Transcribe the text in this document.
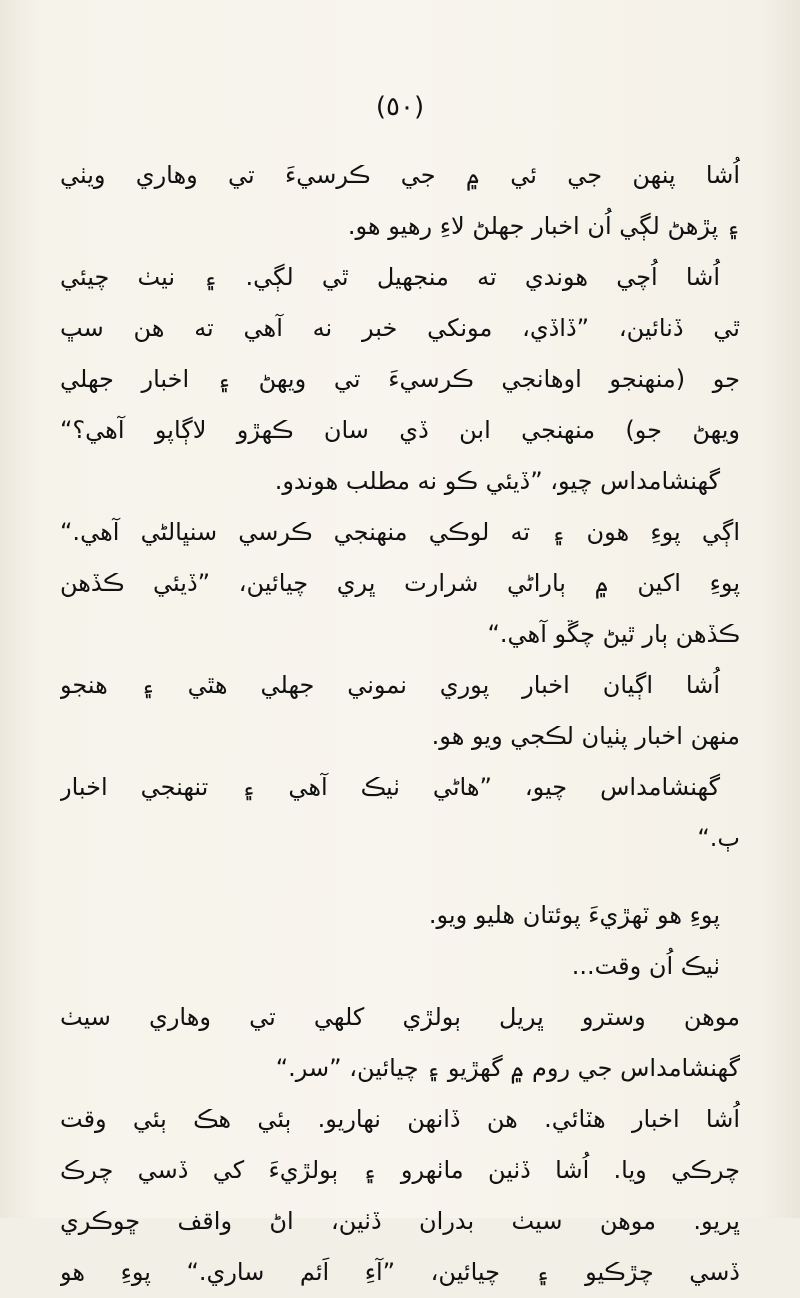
(٥٠)
اُشا پنهن جي ئي ۾ جي ڪرسيءَ تي وهاري ويٺي
۽ پڙهڻ لڳي اُن اخبار جهلڻ لاءِ رهيو هو.
اُشا اُچي هوندي ته منجهيل ٿي لڳي. ۽ نيٺ چيئي
ٿي ڏنائين، ”ڏاڏي، مونکي خبر نه آهي ته هن سڀ
جو (منهنجو اوهانجي ڪرسيءَ تي ويهڻ ۽ اخبار جهلي
ويهڻ جو) منهنجي ابن ڏي سان ڪهڙو لاڳاپو آهي؟“
گهنشامداس چيو، ”ڏيئي ڪو نه مطلب هوندو.
اڳي پوءِ هون ۽ ته لوڪي منهنجي ڪرسي سنڀالڻي آهي.“
پوءِ اکين ۾ ٻاراڻي شرارت ڀري چيائين، ”ڏيئي ڪڏهن
ڪڏهن ٻار ٿيڻ چڱو آهي.“
اُشا اڳيان اخبار پوري نموني جهلي هٿي ۽ هنجو
منهن اخبار پٺيان لڪجي ويو هو.
گهنشامداس چيو، ”هاڻي ٺيڪ آهي ۽ تنهنجي اخبار
ٻ.“
پوءِ هو ٽهڙيءَ پوئتان هليو ويو.
ٺيڪ اُن وقت...
موهن وسترو ڀريل ٻولڙي کلهي تي وهاري سيٺ
گهنشامداس جي روم ۾ گهڙيو ۽ چيائين، ”سر.“
اُشا اخبار هٽائي. هن ڏانهن نهاريو. ٻئي هڪ ٻئي وقت
چرڪي ويا. اُشا ڏٺين ماٺهرو ۽ ٻولڙيءَ کي ڏسي چرڪ
ڀريو. موهن سيٺ بدران ڏٺين، اڻ واقف ڇوڪري
ڏسي چڙڪيو ۽ چيائين، ”آءِ اَئم ساري.“ پوءِ هو
